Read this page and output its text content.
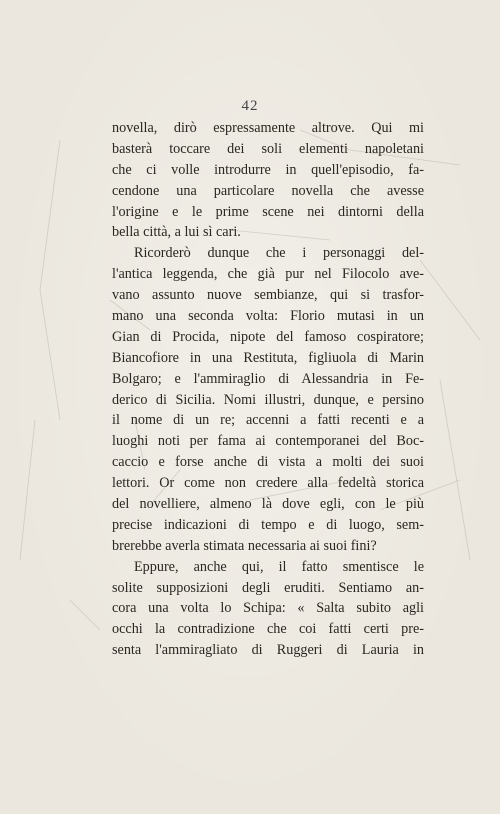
42
novella, dirò espressamente altrove. Qui mi
basterà toccare dei soli elementi napoletani
che ci volle introdurre in quell'episodio, fa-
cendone una particolare novella che avesse
l'origine e le prime scene nei dintorni della
bella città, a lui sì cari.
Ricorderò dunque che i personaggi del-
l'antica leggenda, che già pur nel Filocolo ave-
vano assunto nuove sembianze, qui si trasfor-
mano una seconda volta: Florio mutasi in un
Gian di Procida, nipote del famoso cospiratore;
Biancofiore in una Restituta, figliuola di Marin
Bolgaro; e l'ammiraglio di Alessandria in Fe-
derico di Sicilia. Nomi illustri, dunque, e persino
il nome di un re; accenni a fatti recenti e a
luoghi noti per fama ai contemporanei del Boc-
caccio e forse anche di vista a molti dei suoi
lettori. Or come non credere alla fedeltà storica
del novelliere, almeno là dove egli, con le più
precise indicazioni di tempo e di luogo, sem-
brerebbe averla stimata necessaria ai suoi fini?
Eppure, anche qui, il fatto smentisce le
solite supposizioni degli eruditi. Sentiamo an-
cora una volta lo Schipa: « Salta subito agli
occhi la contradizione che coi fatti certi pre-
senta l'ammiragliato di Ruggeri di Lauria in
